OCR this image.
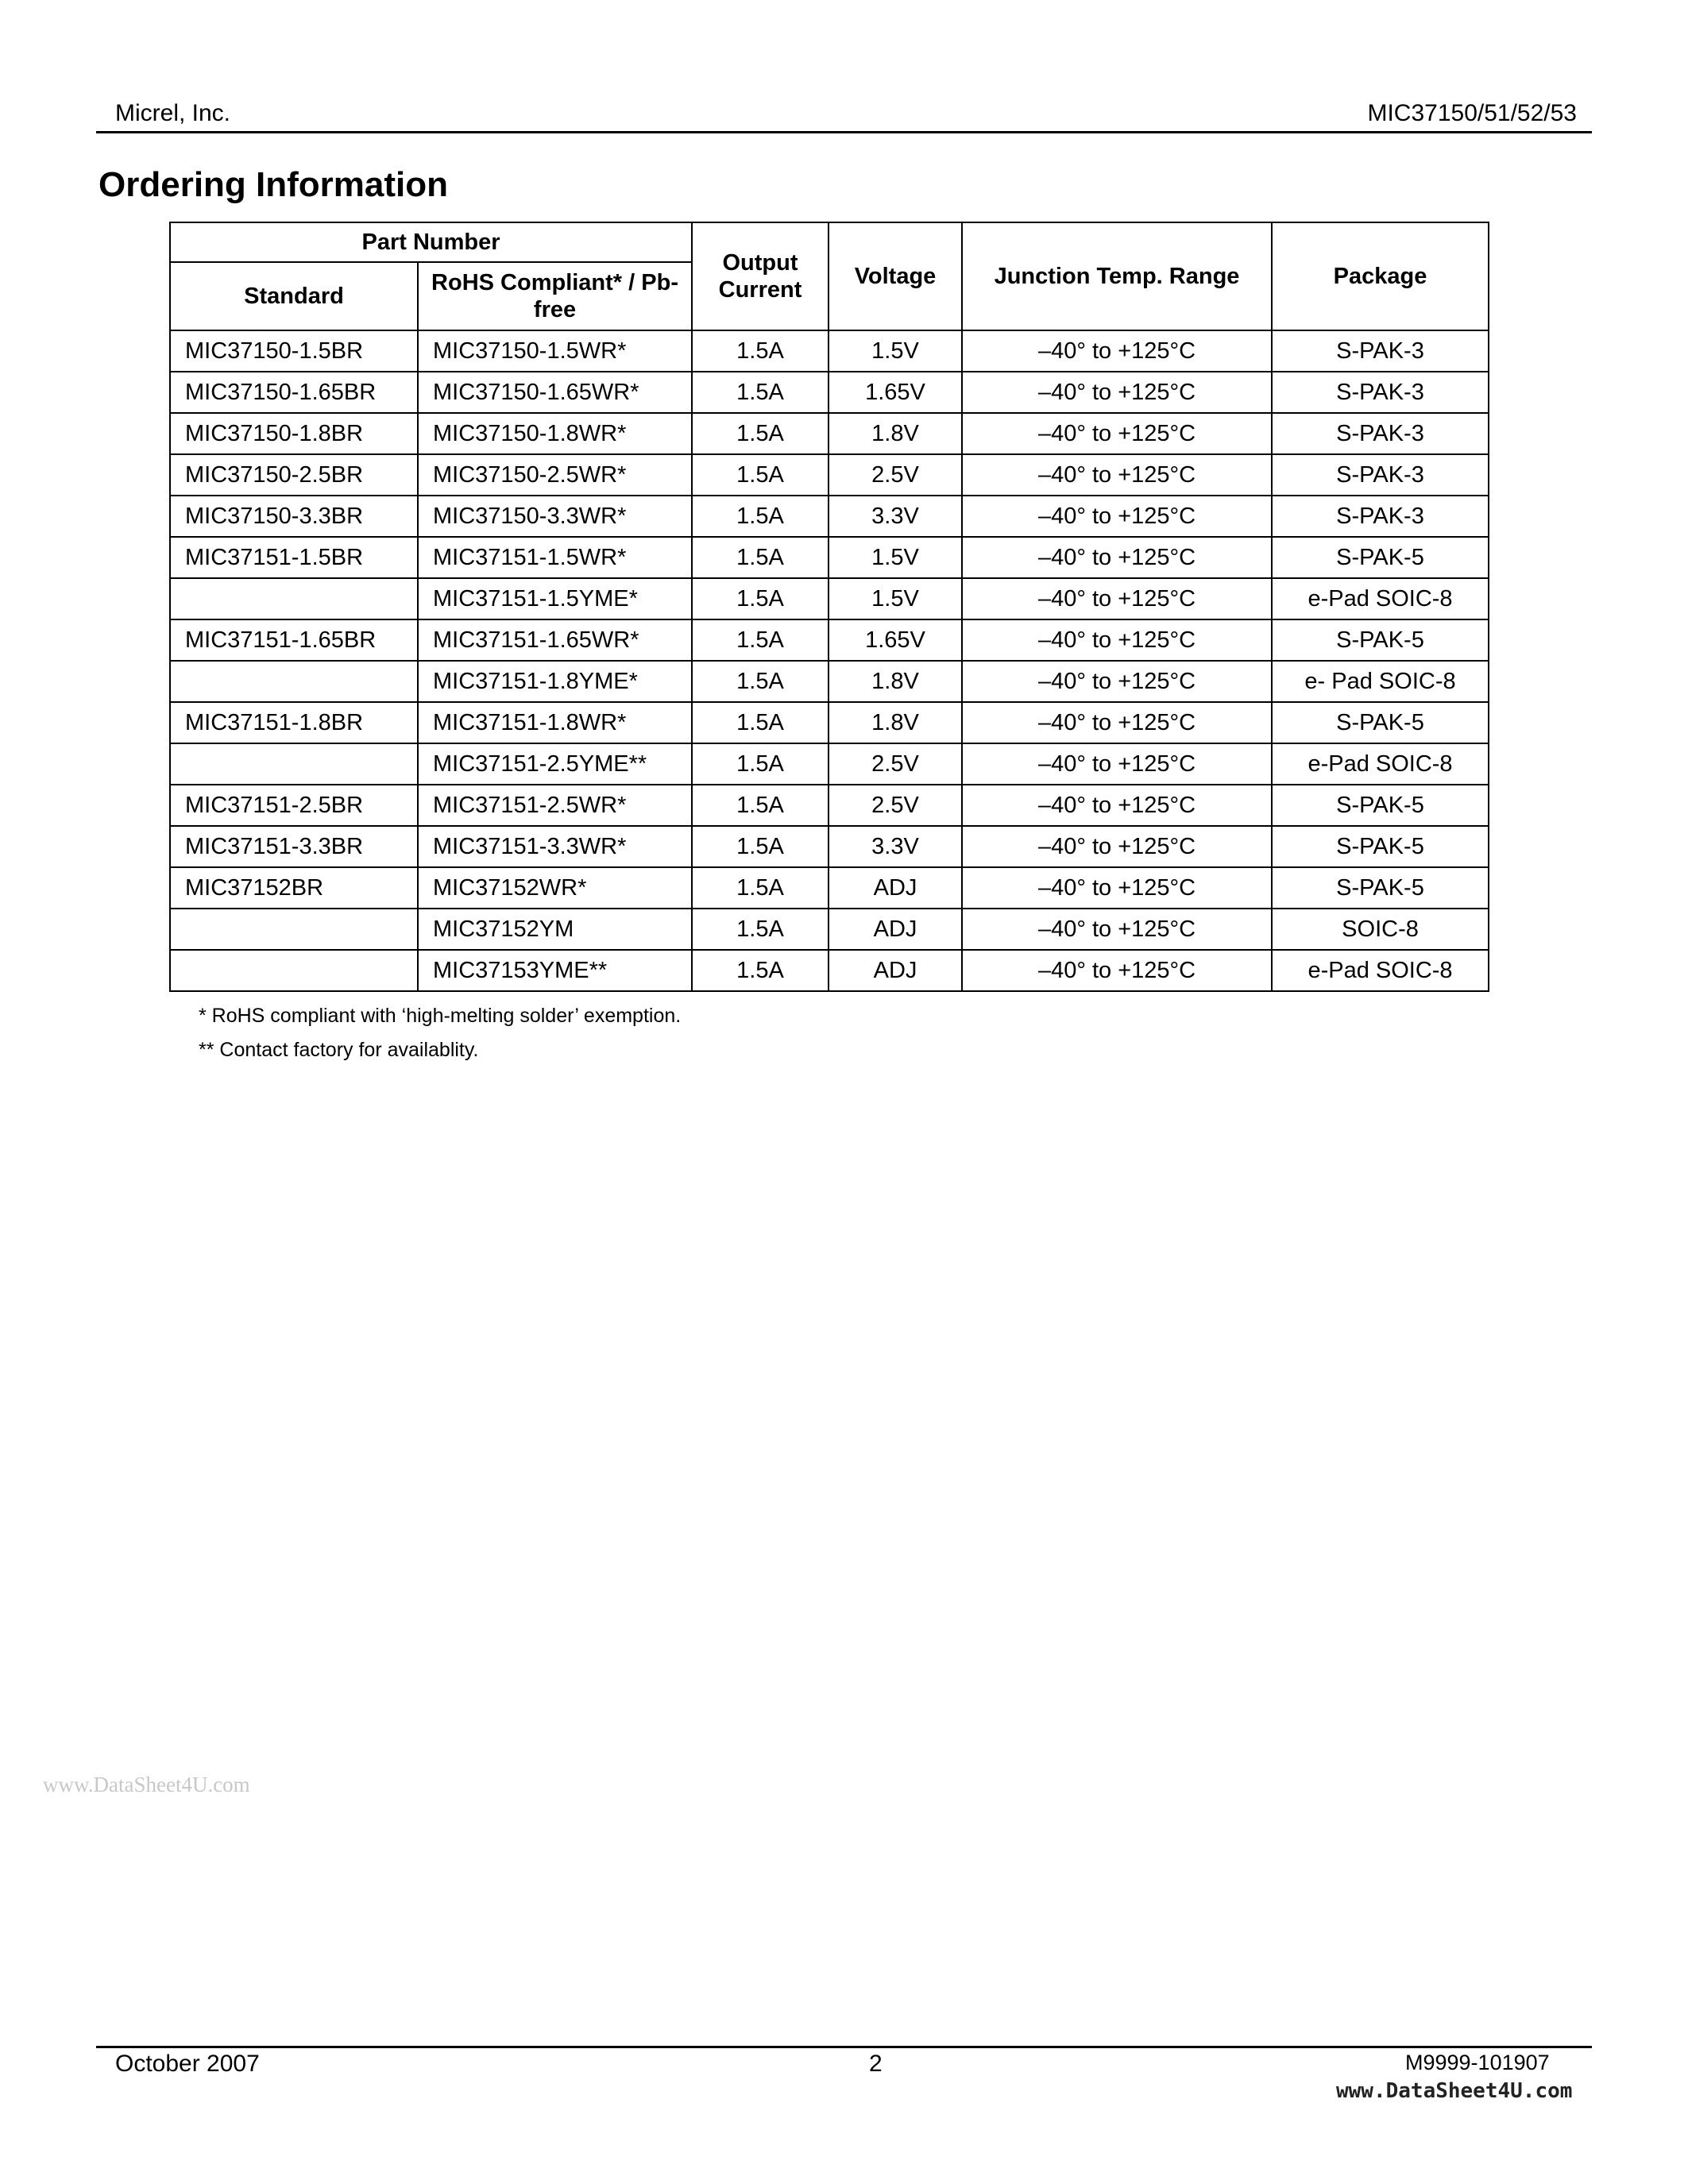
Micrel, Inc.	MIC37150/51/52/53
Ordering Information
Part Number		Output Current	Voltage	Junction Temp. Range	Package
Standard	RoHS Compliant* / Pb-free				
MIC37150-1.5BR	MIC37150-1.5WR*	1.5A	1.5V	–40° to +125°C	S-PAK-3
MIC37150-1.65BR	MIC37150-1.65WR*	1.5A	1.65V	–40° to +125°C	S-PAK-3
MIC37150-1.8BR	MIC37150-1.8WR*	1.5A	1.8V	–40° to +125°C	S-PAK-3
MIC37150-2.5BR	MIC37150-2.5WR*	1.5A	2.5V	–40° to +125°C	S-PAK-3
MIC37150-3.3BR	MIC37150-3.3WR*	1.5A	3.3V	–40° to +125°C	S-PAK-3
MIC37151-1.5BR	MIC37151-1.5WR*	1.5A	1.5V	–40° to +125°C	S-PAK-5
	MIC37151-1.5YME*	1.5A	1.5V	–40° to +125°C	e-Pad SOIC-8
MIC37151-1.65BR	MIC37151-1.65WR*	1.5A	1.65V	–40° to +125°C	S-PAK-5
	MIC37151-1.8YME*	1.5A	1.8V	–40° to +125°C	e- Pad SOIC-8
MIC37151-1.8BR	MIC37151-1.8WR*	1.5A	1.8V	–40° to +125°C	S-PAK-5
	MIC37151-2.5YME**	1.5A	2.5V	–40° to +125°C	e-Pad SOIC-8
MIC37151-2.5BR	MIC37151-2.5WR*	1.5A	2.5V	–40° to +125°C	S-PAK-5
MIC37151-3.3BR	MIC37151-3.3WR*	1.5A	3.3V	–40° to +125°C	S-PAK-5
MIC37152BR	MIC37152WR*	1.5A	ADJ	–40° to +125°C	S-PAK-5
	MIC37152YM	1.5A	ADJ	–40° to +125°C	SOIC-8
	MIC37153YME**	1.5A	ADJ	–40° to +125°C	e-Pad SOIC-8
* RoHS compliant with ‘high-melting solder’ exemption.
** Contact factory for availablity.
www.DataSheet4U.com
October 2007	2	M9999-101907
www.DataSheet4U.com
